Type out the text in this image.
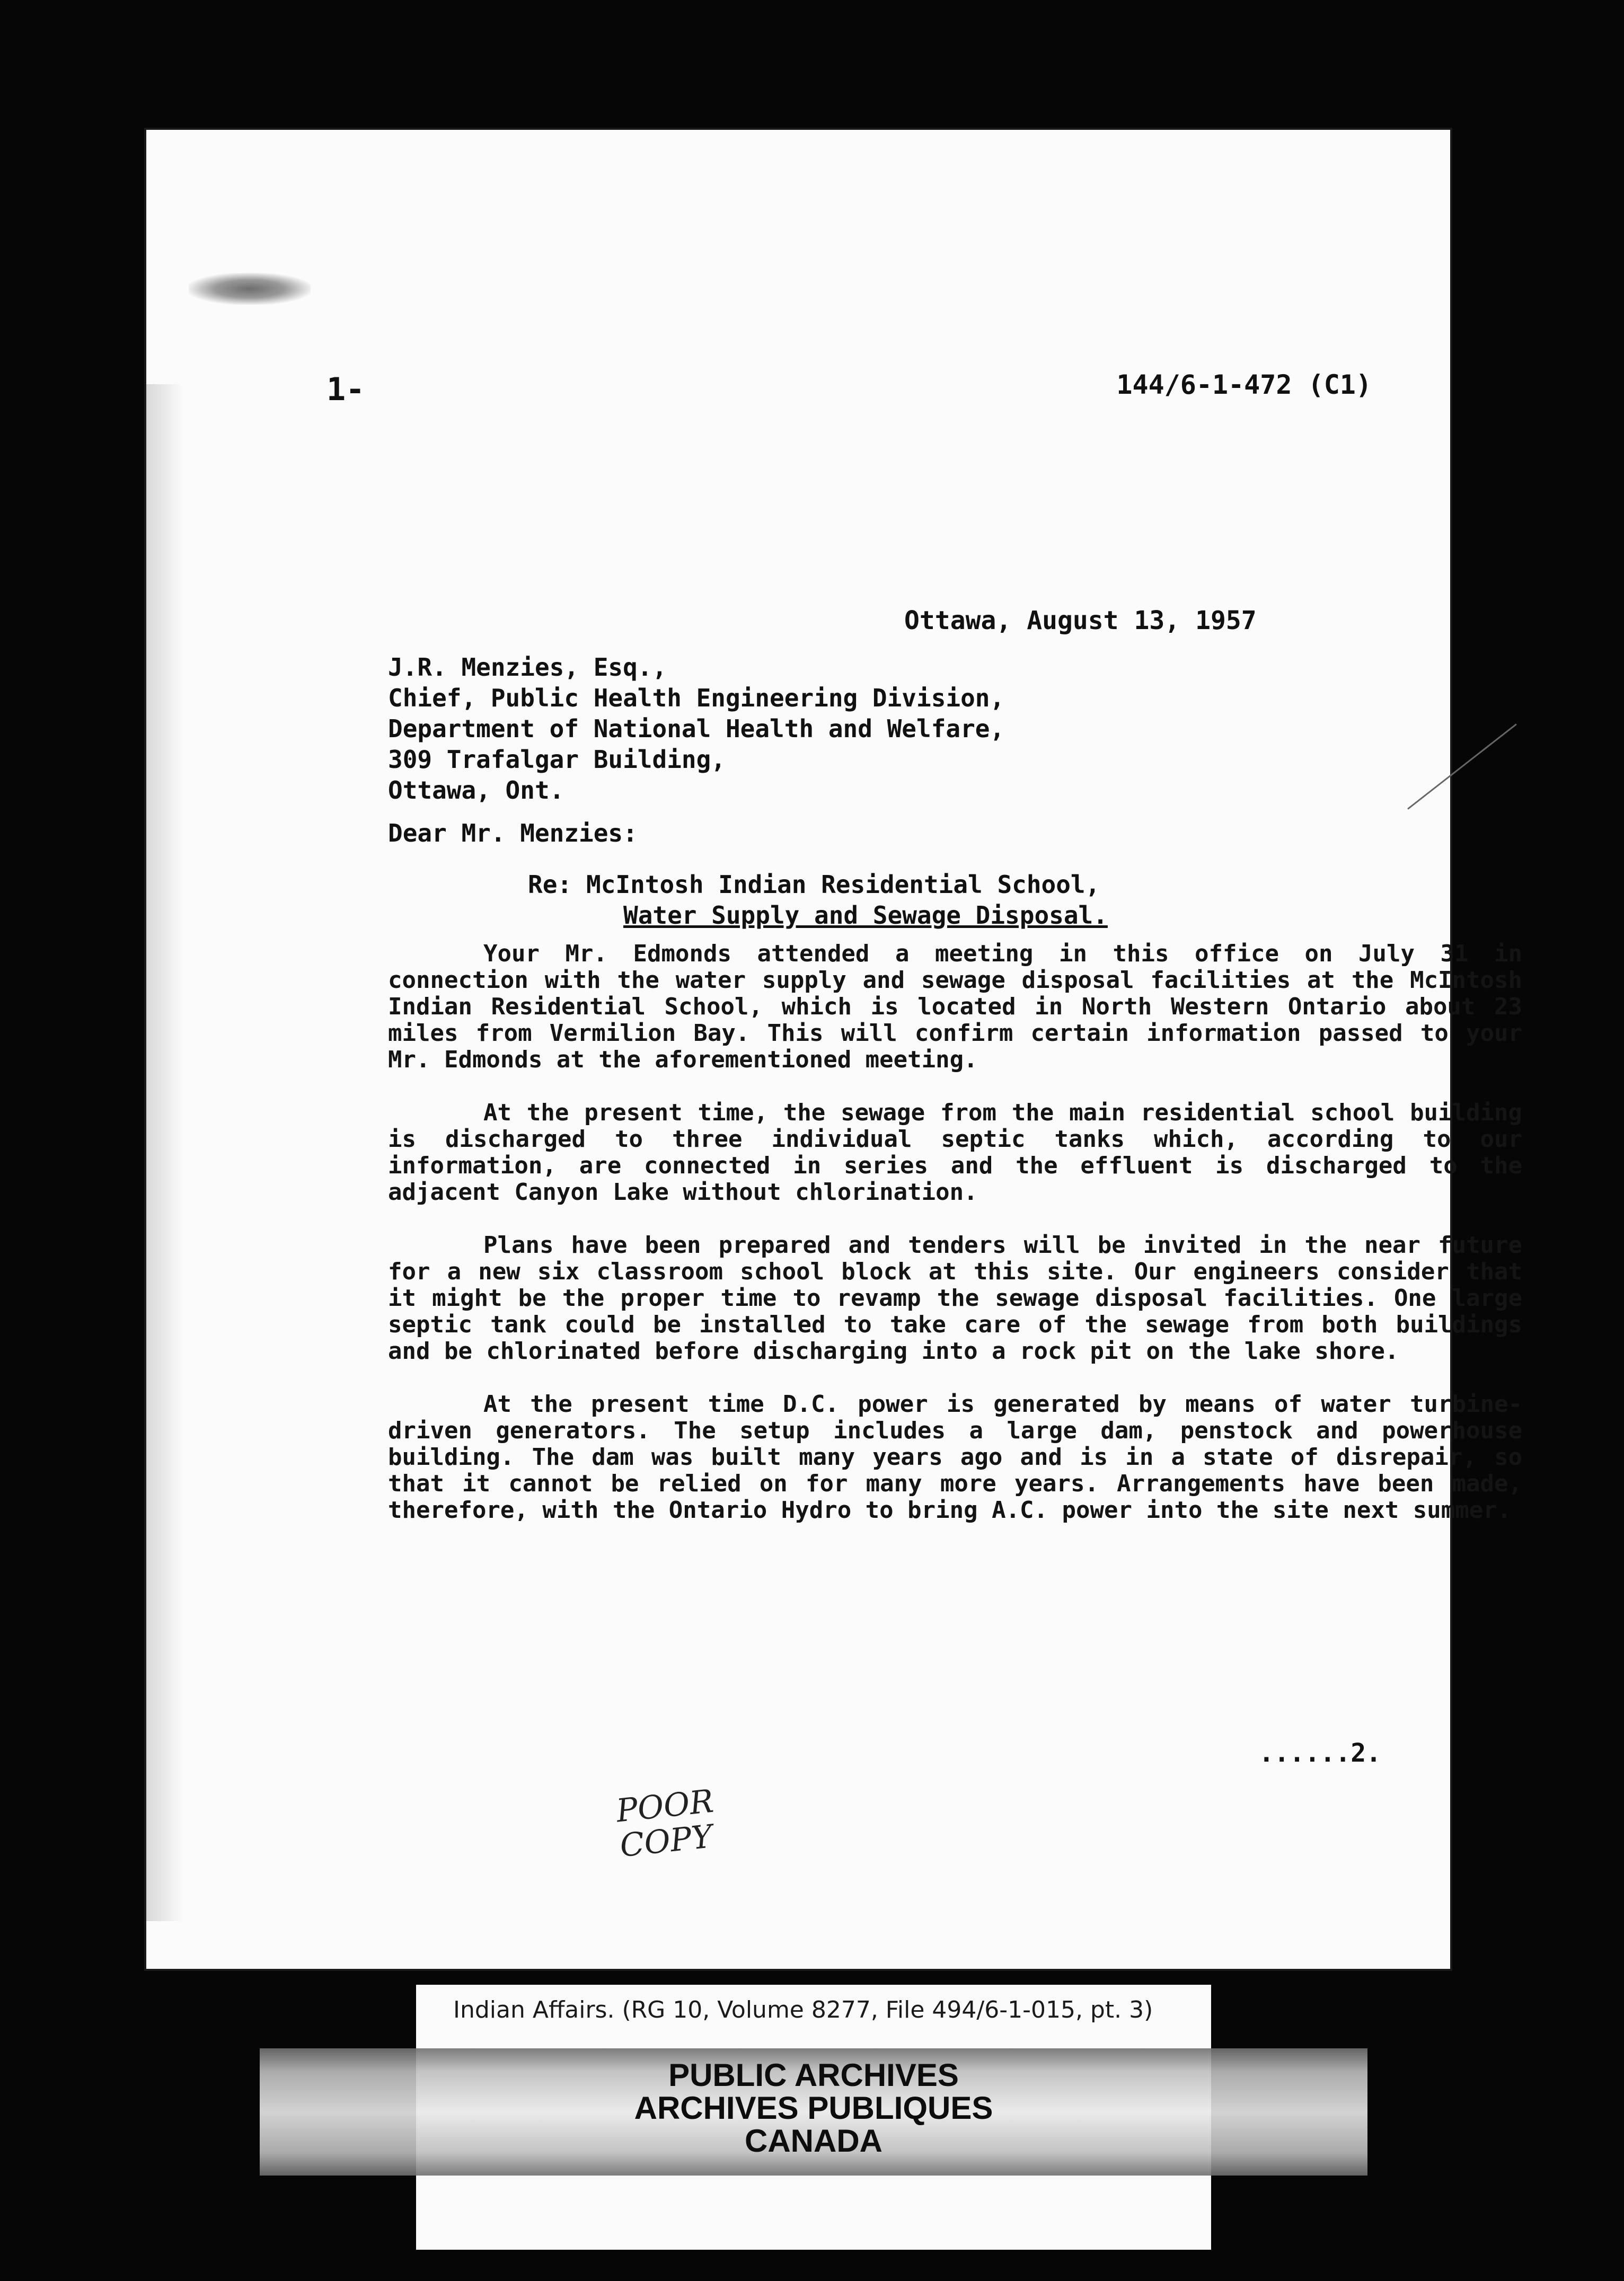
1-	144/6-1-472 (C1)
Ottawa, August 13, 1957
J.R. Menzies, Esq.,
Chief, Public Health Engineering Division,
Department of National Health and Welfare,
309 Trafalgar Building,
Ottawa, Ont.
Dear Mr. Menzies:
Re: McIntosh Indian Residential School,
Water Supply and Sewage Disposal.

Your Mr. Edmonds attended a meeting in this office on July 31 in connection with the water supply and sewage disposal facilities at the McIntosh Indian Residential School, which is located in North Western Ontario about 23 miles from Vermilion Bay. This will confirm certain information passed to your Mr. Edmonds at the aforementioned meeting.

At the present time, the sewage from the main residential school building is discharged to three individual septic tanks which, according to our information, are connected in series and the effluent is discharged to the adjacent Canyon Lake without chlorination.

Plans have been prepared and tenders will be invited in the near future for a new six classroom school block at this site. Our engineers consider that it might be the proper time to revamp the sewage disposal facilities. One large septic tank could be installed to take care of the sewage from both buildings and be chlorinated before discharging into a rock pit on the lake shore.

At the present time D.C. power is generated by means of water turbine-driven generators. The setup includes a large dam, penstock and powerhouse building. The dam was built many years ago and is in a state of disrepair, so that it cannot be relied on for many more years. Arrangements have been made, therefore, with the Ontario Hydro to bring A.C. power into the site next summer.

......2.
POOR
COPY
Indian Affairs. (RG 10, Volume 8277, File 494/6-1-015, pt. 3)
PUBLIC ARCHIVES
ARCHIVES PUBLIQUES
CANADA
